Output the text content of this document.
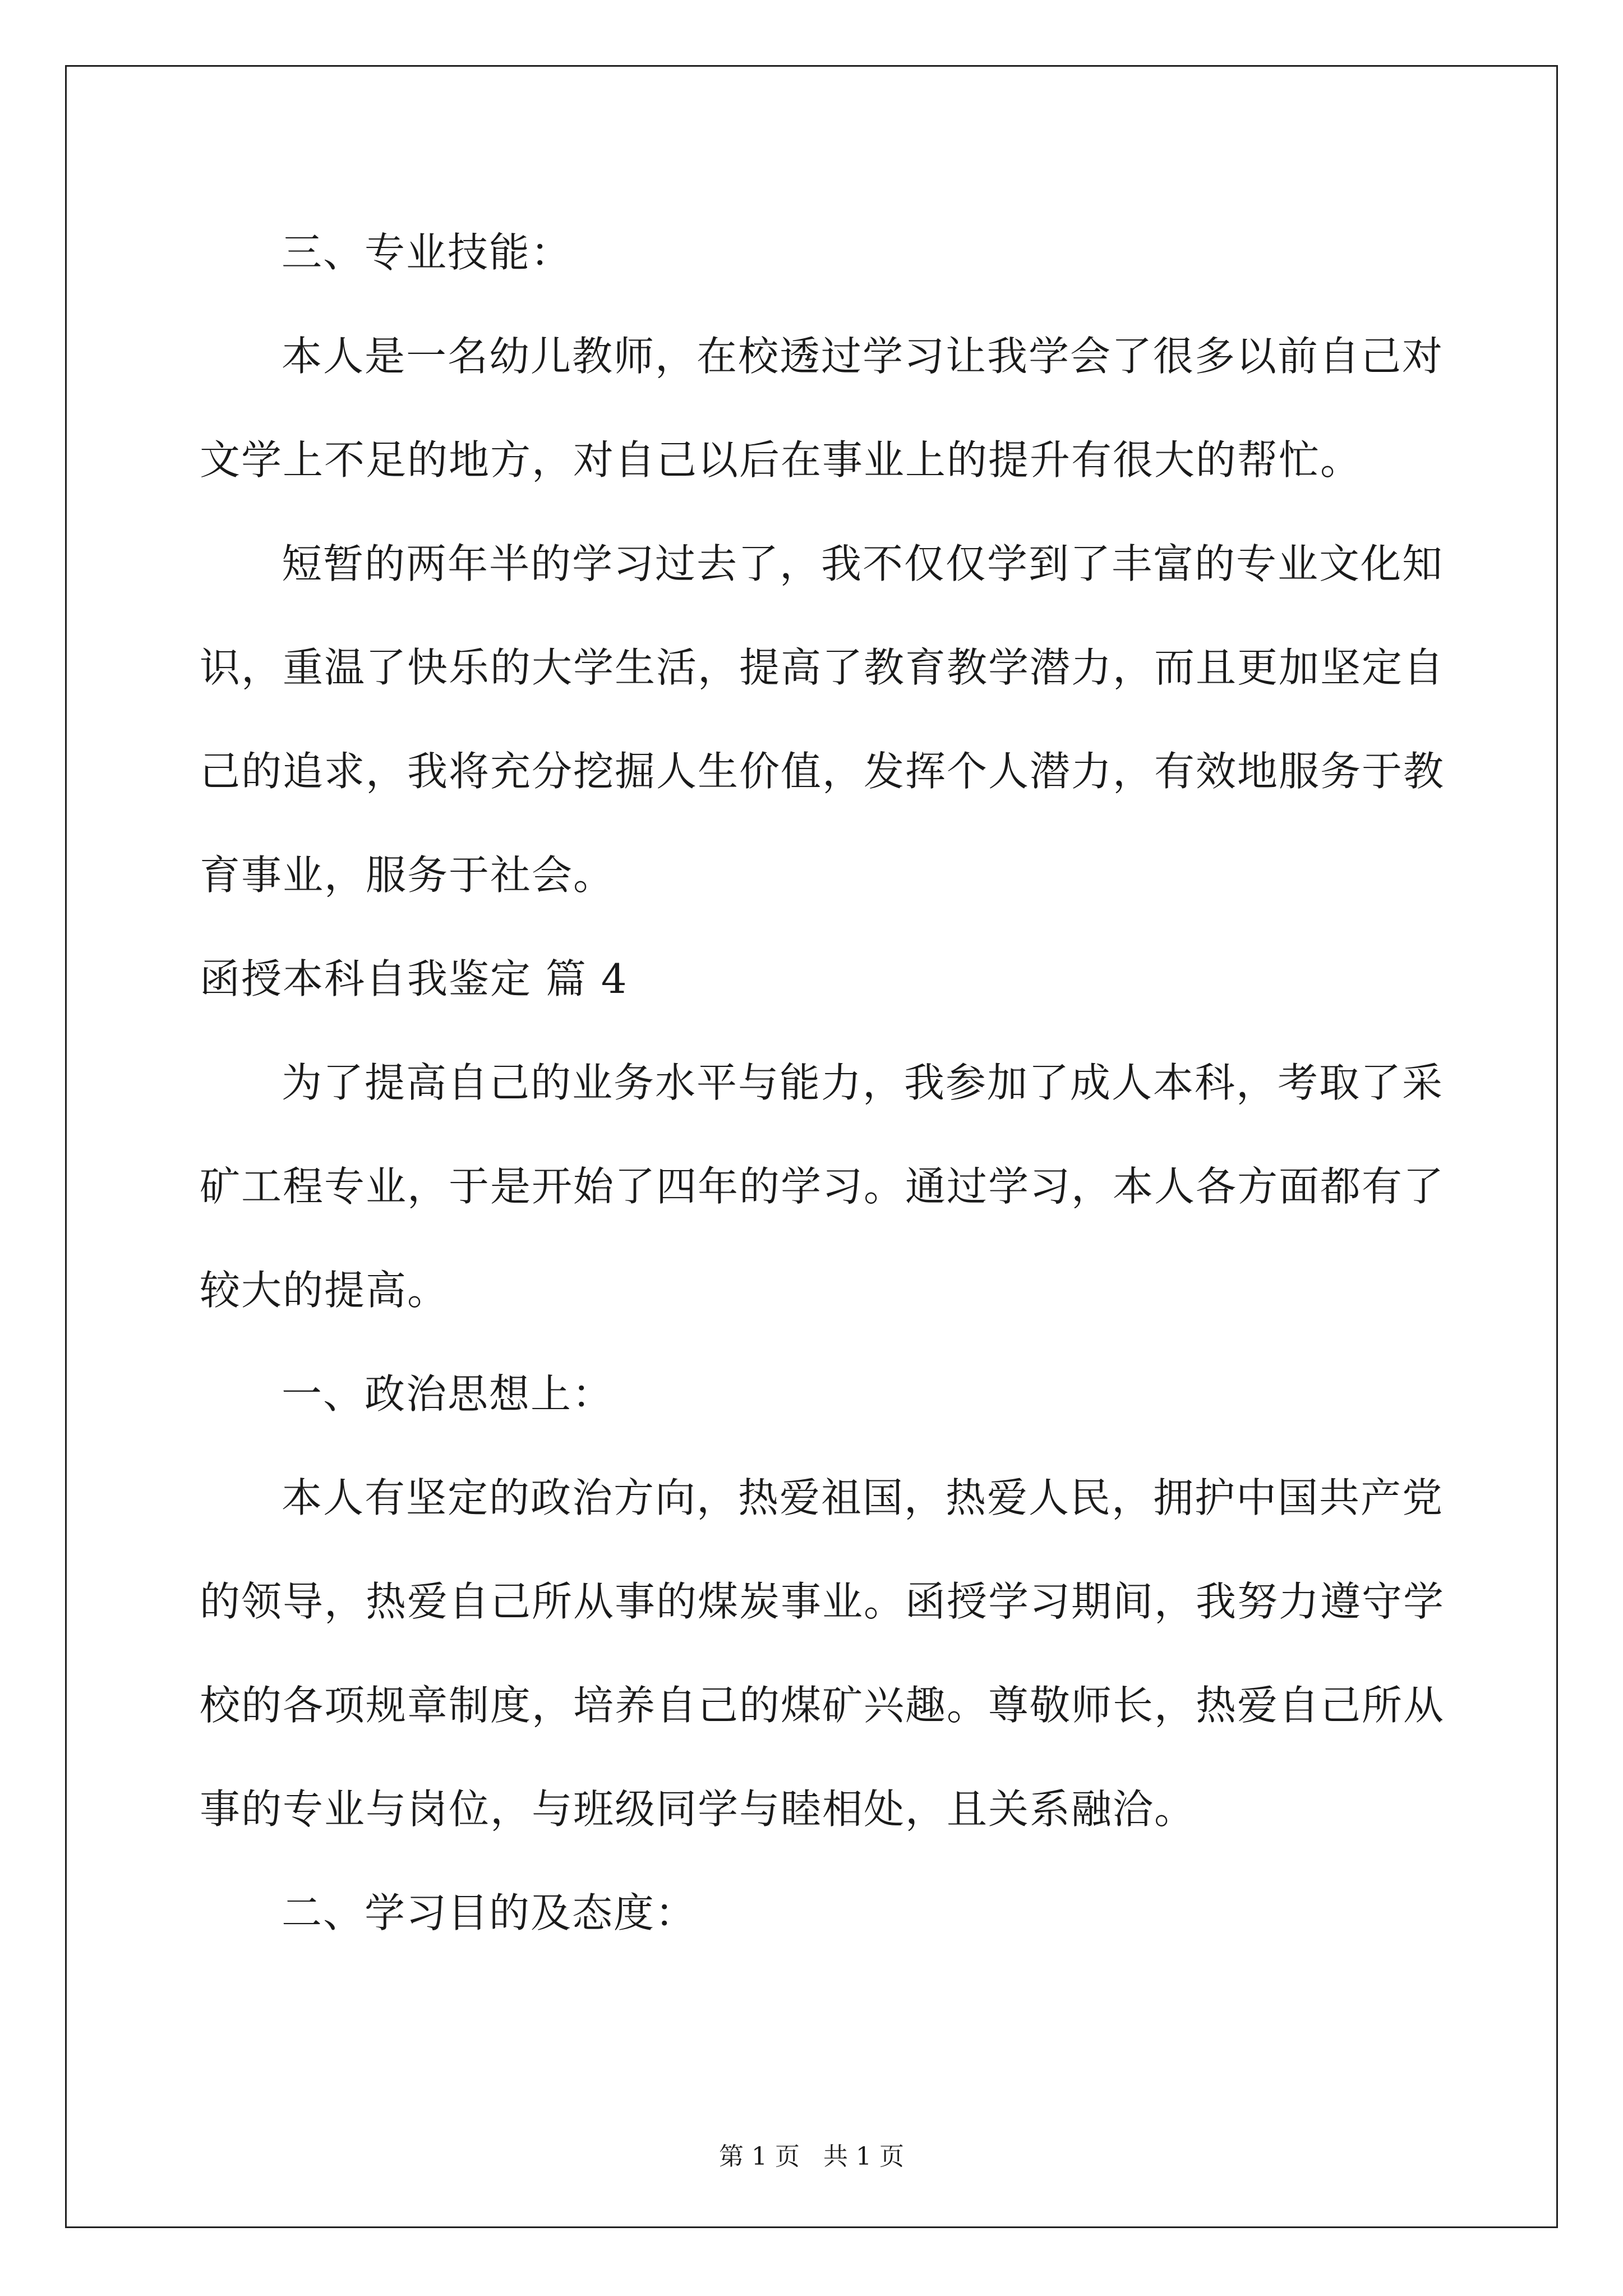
三、专业技能：
本人是一名幼儿教师，在校透过学习让我学会了很多以前自己对
文学上不足的地方，对自己以后在事业上的提升有很大的帮忙。
短暂的两年半的学习过去了，我不仅仅学到了丰富的专业文化知
识，重温了快乐的大学生活，提高了教育教学潜力，而且更加坚定自
己的追求，我将充分挖掘人生价值，发挥个人潜力，有效地服务于教
育事业，服务于社会。
函授本科自我鉴定 篇 4
为了提高自己的业务水平与能力，我参加了成人本科，考取了采
矿工程专业，于是开始了四年的学习。通过学习，本人各方面都有了
较大的提高。
一、政治思想上：
本人有坚定的政治方向，热爱祖国，热爱人民，拥护中国共产党
的领导，热爱自己所从事的煤炭事业。函授学习期间，我努力遵守学
校的各项规章制度，培养自己的煤矿兴趣。尊敬师长，热爱自己所从
事的专业与岗位，与班级同学与睦相处，且关系融洽。
二、学习目的及态度：
第 1 页   共 1 页
